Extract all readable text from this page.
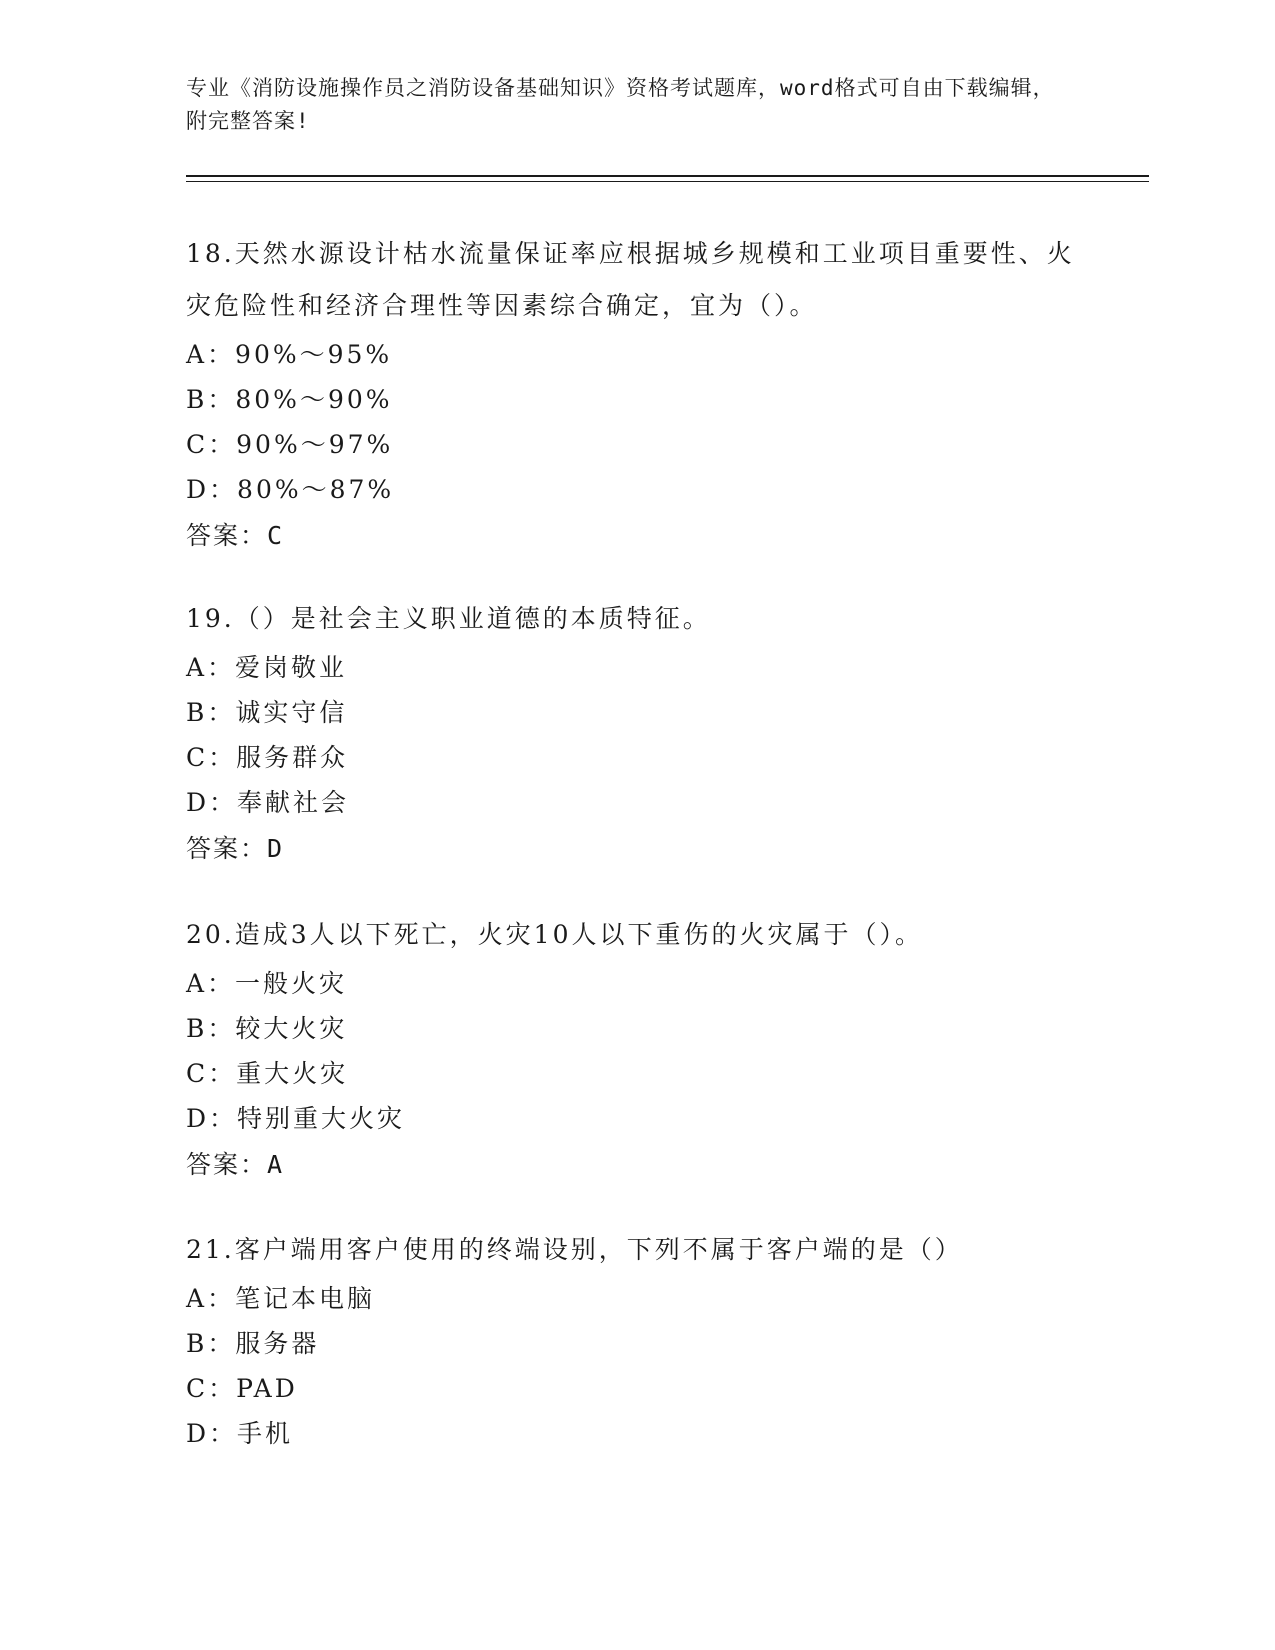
专业《消防设施操作员之消防设备基础知识》资格考试题库，word格式可自由下载编辑，附完整答案!

18.天然水源设计枯水流量保证率应根据城乡规模和工业项目重要性、火灾危险性和经济合理性等因素综合确定，宜为（）。

A：90%～95%

B：80%～90%

C：90%～97%

D：80%～87%

答案：C

19.（）是社会主义职业道德的本质特征。

A：爱岗敬业

B：诚实守信

C：服务群众

D：奉献社会

答案：D

20.造成3人以下死亡，火灾10人以下重伤的火灾属于（）。

A：一般火灾

B：较大火灾

C：重大火灾

D：特别重大火灾

答案：A

21.客户端用客户使用的终端设别，下列不属于客户端的是（）

A：笔记本电脑

B：服务器

C：PAD

D：手机
